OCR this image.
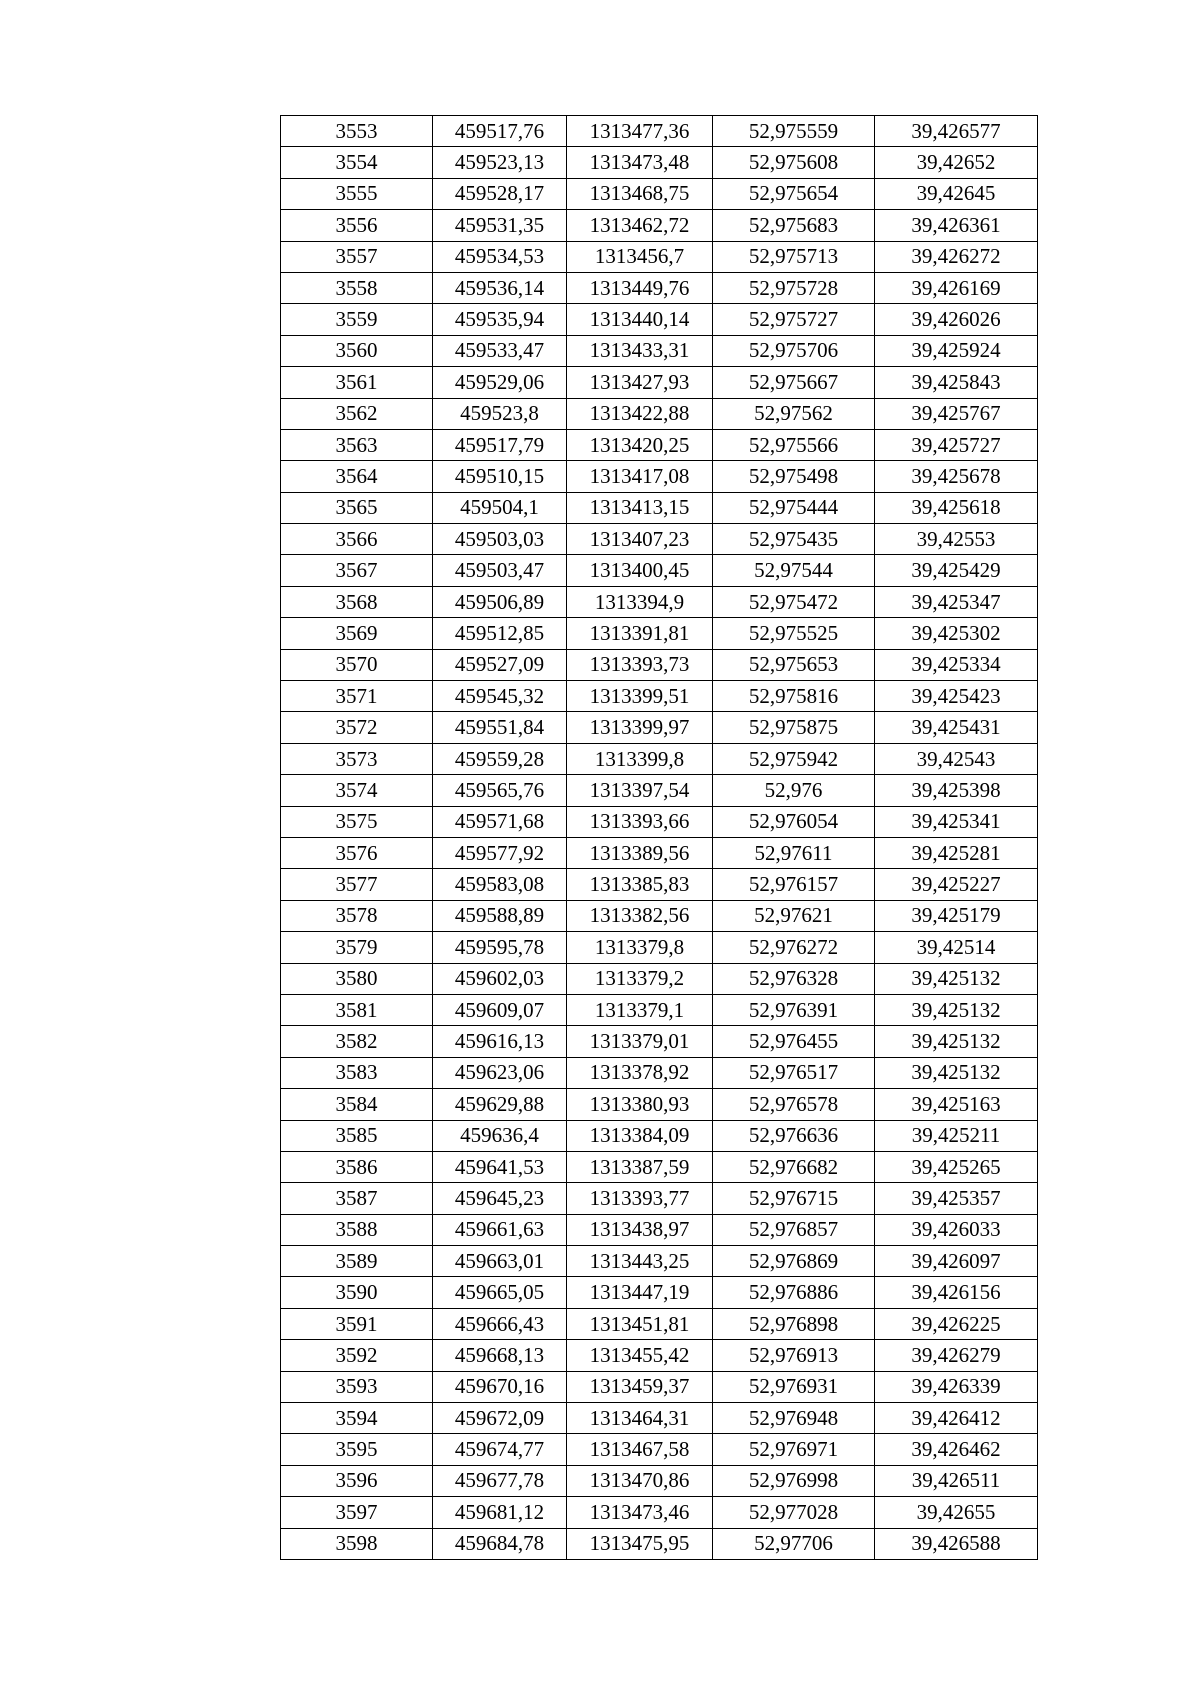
3553	459517,76	1313477,36	52,975559	39,426577
3554	459523,13	1313473,48	52,975608	39,42652
3555	459528,17	1313468,75	52,975654	39,42645
3556	459531,35	1313462,72	52,975683	39,426361
3557	459534,53	1313456,7	52,975713	39,426272
3558	459536,14	1313449,76	52,975728	39,426169
3559	459535,94	1313440,14	52,975727	39,426026
3560	459533,47	1313433,31	52,975706	39,425924
3561	459529,06	1313427,93	52,975667	39,425843
3562	459523,8	1313422,88	52,97562	39,425767
3563	459517,79	1313420,25	52,975566	39,425727
3564	459510,15	1313417,08	52,975498	39,425678
3565	459504,1	1313413,15	52,975444	39,425618
3566	459503,03	1313407,23	52,975435	39,42553
3567	459503,47	1313400,45	52,97544	39,425429
3568	459506,89	1313394,9	52,975472	39,425347
3569	459512,85	1313391,81	52,975525	39,425302
3570	459527,09	1313393,73	52,975653	39,425334
3571	459545,32	1313399,51	52,975816	39,425423
3572	459551,84	1313399,97	52,975875	39,425431
3573	459559,28	1313399,8	52,975942	39,42543
3574	459565,76	1313397,54	52,976	39,425398
3575	459571,68	1313393,66	52,976054	39,425341
3576	459577,92	1313389,56	52,97611	39,425281
3577	459583,08	1313385,83	52,976157	39,425227
3578	459588,89	1313382,56	52,97621	39,425179
3579	459595,78	1313379,8	52,976272	39,42514
3580	459602,03	1313379,2	52,976328	39,425132
3581	459609,07	1313379,1	52,976391	39,425132
3582	459616,13	1313379,01	52,976455	39,425132
3583	459623,06	1313378,92	52,976517	39,425132
3584	459629,88	1313380,93	52,976578	39,425163
3585	459636,4	1313384,09	52,976636	39,425211
3586	459641,53	1313387,59	52,976682	39,425265
3587	459645,23	1313393,77	52,976715	39,425357
3588	459661,63	1313438,97	52,976857	39,426033
3589	459663,01	1313443,25	52,976869	39,426097
3590	459665,05	1313447,19	52,976886	39,426156
3591	459666,43	1313451,81	52,976898	39,426225
3592	459668,13	1313455,42	52,976913	39,426279
3593	459670,16	1313459,37	52,976931	39,426339
3594	459672,09	1313464,31	52,976948	39,426412
3595	459674,77	1313467,58	52,976971	39,426462
3596	459677,78	1313470,86	52,976998	39,426511
3597	459681,12	1313473,46	52,977028	39,42655
3598	459684,78	1313475,95	52,97706	39,426588
